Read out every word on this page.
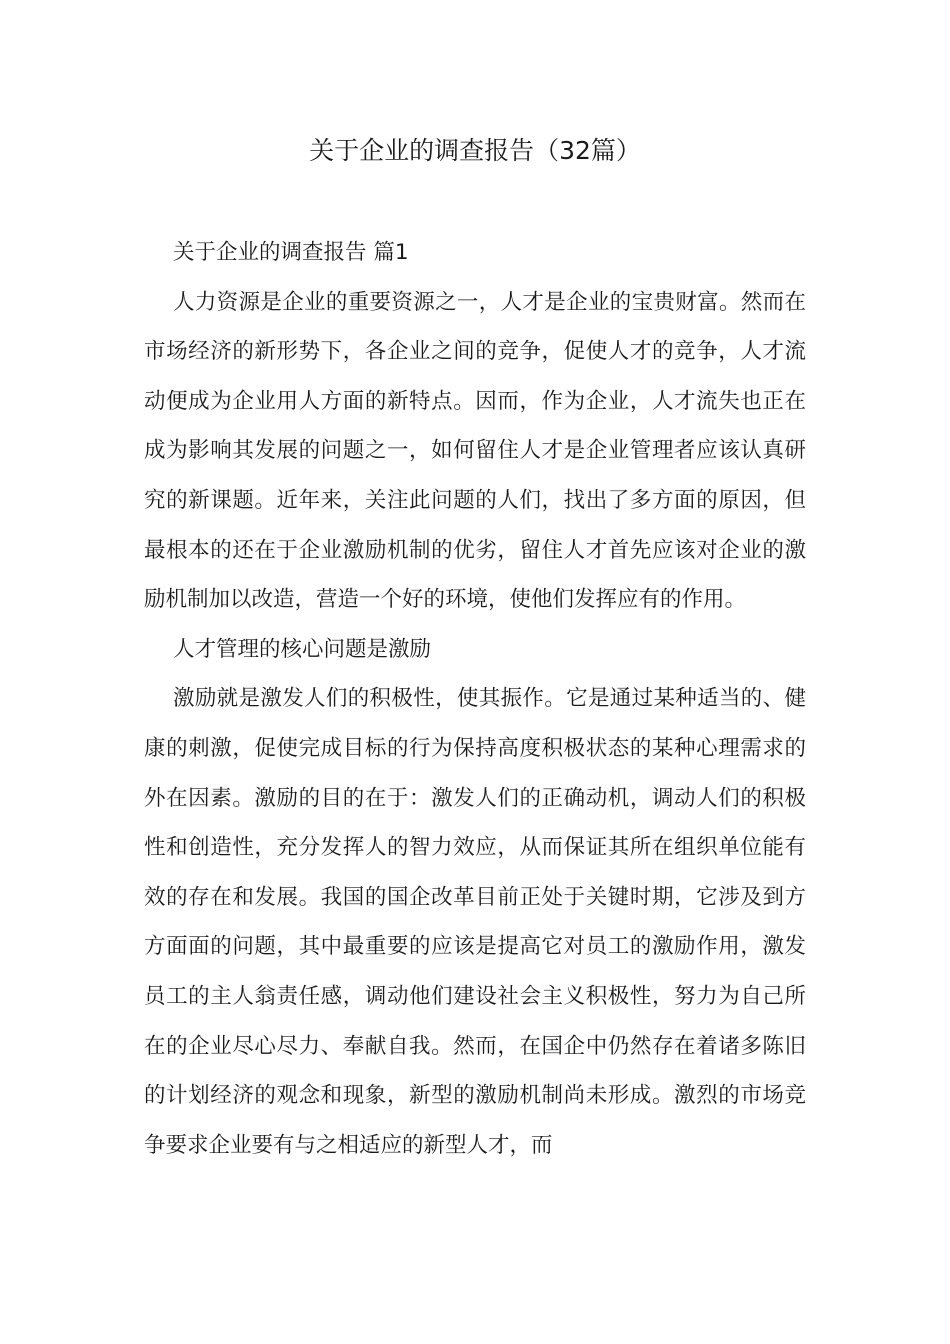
关于企业的调查报告（32篇）

关于企业的调查报告 篇1

人力资源是企业的重要资源之一，人才是企业的宝贵财富。然而在市场经济的新形势下，各企业之间的竞争，促使人才的竞争，人才流动便成为企业用人方面的新特点。因而，作为企业，人才流失也正在成为影响其发展的问题之一，如何留住人才是企业管理者应该认真研究的新课题。近年来，关注此问题的人们，找出了多方面的原因，但最根本的还在于企业激励机制的优劣，留住人才首先应该对企业的激励机制加以改造，营造一个好的环境，使他们发挥应有的作用。

人才管理的核心问题是激励

激励就是激发人们的积极性，使其振作。它是通过某种适当的、健康的刺激，促使完成目标的行为保持高度积极状态的某种心理需求的外在因素。激励的目的在于：激发人们的正确动机，调动人们的积极性和创造性，充分发挥人的智力效应，从而保证其所在组织单位能有效的存在和发展。我国的国企改革目前正处于关键时期，它涉及到方方面面的问题，其中最重要的应该是提高它对员工的激励作用，激发员工的主人翁责任感，调动他们建设社会主义积极性，努力为自己所在的企业尽心尽力、奉献自我。然而，在国企中仍然存在着诸多陈旧的计划经济的观念和现象，新型的激励机制尚未形成。激烈的市场竞争要求企业要有与之相适应的新型人才，而
